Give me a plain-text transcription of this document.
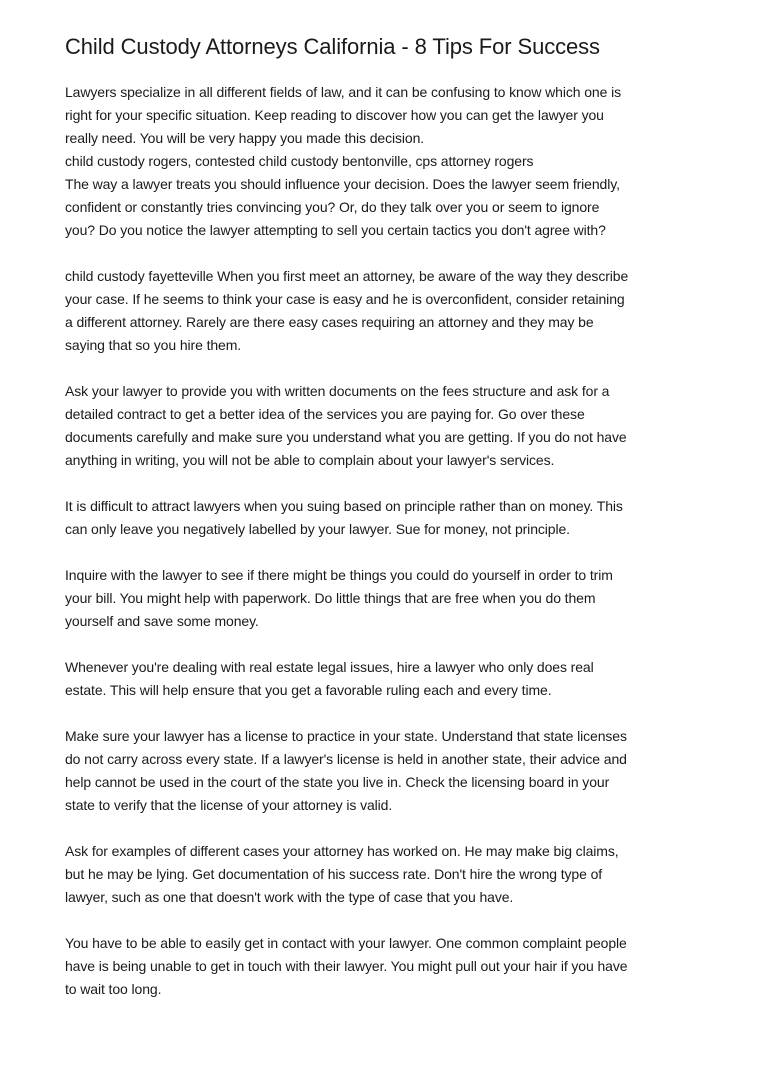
Child Custody Attorneys California - 8 Tips For Success
Lawyers specialize in all different fields of law, and it can be confusing to know which one is
right for your specific situation. Keep reading to discover how you can get the lawyer you
really need. You will be very happy you made this decision.
child custody rogers, contested child custody bentonville, cps attorney rogers
The way a lawyer treats you should influence your decision. Does the lawyer seem friendly,
confident or constantly tries convincing you? Or, do they talk over you or seem to ignore
you? Do you notice the lawyer attempting to sell you certain tactics you don't agree with?
child custody fayetteville When you first meet an attorney, be aware of the way they describe
your case. If he seems to think your case is easy and he is overconfident, consider retaining
a different attorney. Rarely are there easy cases requiring an attorney and they may be
saying that so you hire them.
Ask your lawyer to provide you with written documents on the fees structure and ask for a
detailed contract to get a better idea of the services you are paying for. Go over these
documents carefully and make sure you understand what you are getting. If you do not have
anything in writing, you will not be able to complain about your lawyer's services.
It is difficult to attract lawyers when you suing based on principle rather than on money. This
can only leave you negatively labelled by your lawyer. Sue for money, not principle.
Inquire with the lawyer to see if there might be things you could do yourself in order to trim
your bill. You might help with paperwork. Do little things that are free when you do them
yourself and save some money.
Whenever you're dealing with real estate legal issues, hire a lawyer who only does real
estate. This will help ensure that you get a favorable ruling each and every time.
Make sure your lawyer has a license to practice in your state. Understand that state licenses
do not carry across every state. If a lawyer's license is held in another state, their advice and
help cannot be used in the court of the state you live in. Check the licensing board in your
state to verify that the license of your attorney is valid.
Ask for examples of different cases your attorney has worked on. He may make big claims,
but he may be lying. Get documentation of his success rate. Don't hire the wrong type of
lawyer, such as one that doesn't work with the type of case that you have.
You have to be able to easily get in contact with your lawyer. One common complaint people
have is being unable to get in touch with their lawyer. You might pull out your hair if you have
to wait too long.
